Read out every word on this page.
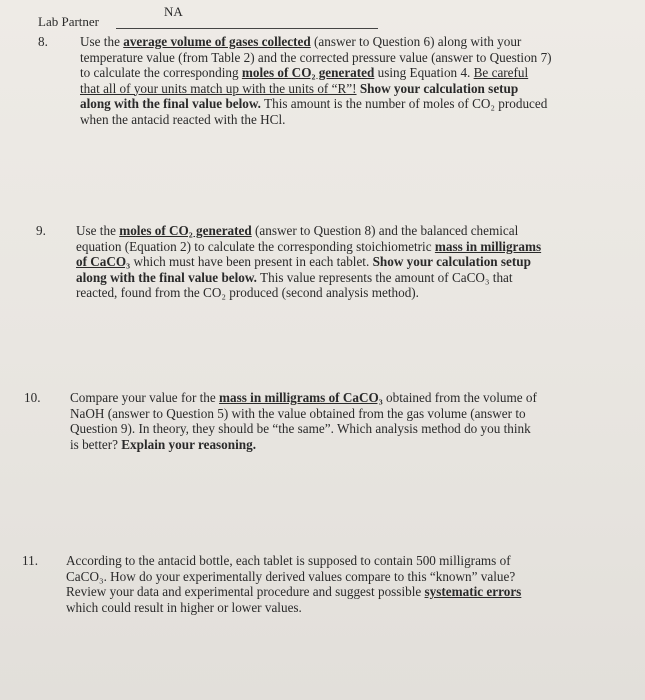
Lab Partner
NA
8. Use the average volume of gases collected (answer to Question 6) along with your
temperature value (from Table 2) and the corrected pressure value (answer to Question 7)
to calculate the corresponding moles of CO₂ generated using Equation 4. Be careful
that all of your units match up with the units of “R”! Show your calculation setup
along with the final value below. This amount is the number of moles of CO₂ produced
when the antacid reacted with the HCl.
9. Use the moles of CO₂ generated (answer to Question 8) and the balanced chemical
equation (Equation 2) to calculate the corresponding stoichiometric mass in milligrams
of CaCO₃ which must have been present in each tablet. Show your calculation setup
along with the final value below. This value represents the amount of CaCO₃ that
reacted, found from the CO₂ produced (second analysis method).
10. Compare your value for the mass in milligrams of CaCO₃ obtained from the volume of
NaOH (answer to Question 5) with the value obtained from the gas volume (answer to
Question 9). In theory, they should be “the same”. Which analysis method do you think
is better? Explain your reasoning.
11. According to the antacid bottle, each tablet is supposed to contain 500 milligrams of
CaCO₃. How do your experimentally derived values compare to this “known” value?
Review your data and experimental procedure and suggest possible systematic errors
which could result in higher or lower values.
